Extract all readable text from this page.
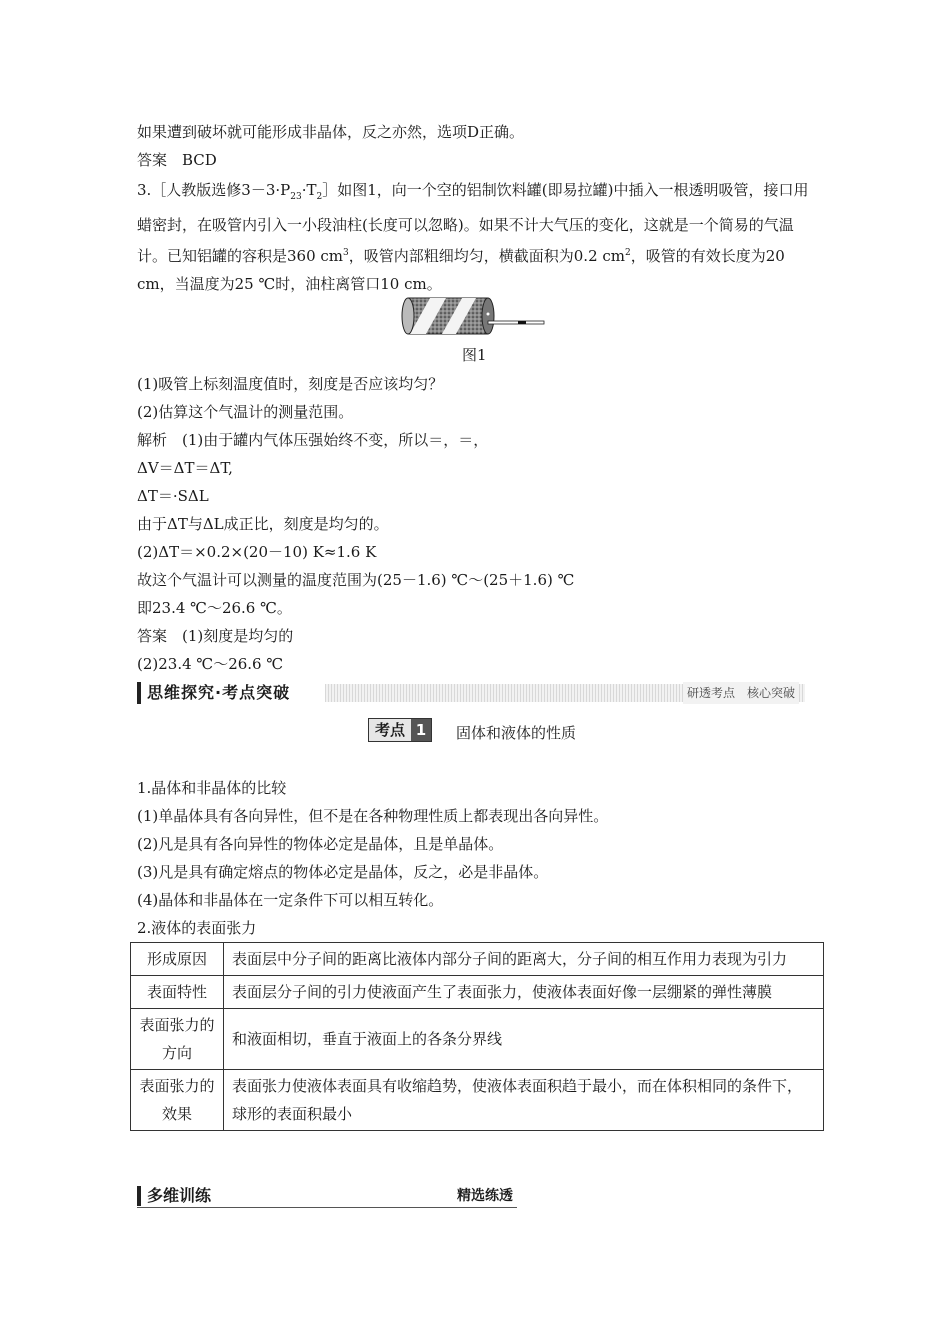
如果遭到破坏就可能形成非晶体，反之亦然，选项D正确。
答案　BCD
3.［人教版选修$3-3\cdot P_{23}\cdot T_2]$如图1，向一个空的铝制饮料罐(即易拉罐)中插入一根透明吸管，接口用蜡密封，在吸管内引入一小段油柱(长度可以忽略)。如果不计大气压的变化，这就是一个简易的气温计。已知铝罐的容积是360 $cm^3$，吸管内部粗细均匀，横截面积为0.2 $cm^2$，吸管的有效长度为20 cm，当温度为25 ℃时，油柱离管口10 cm。
图1
(1)吸管上标刻温度值时，刻度是否应该均匀？
(2)估算这个气温计的测量范围。
解析　(1)由于罐内气体压强始终不变，所以＝，＝，
ΔV＝ΔT＝ΔT,
ΔT＝·SΔL
由于ΔT与ΔL成正比，刻度是均匀的。
(2)ΔT＝×0.2×(20－10) K≈1.6 K
故这个气温计可以测量的温度范围为(25－1.6) ℃～(25＋1.6) ℃
即23.4 ℃～26.6 ℃。
答案　(1)刻度是均匀的
(2)23.4 ℃～26.6 ℃
思维探究·考点突破	研透考点　核心突破
考点 1	固体和液体的性质
1.晶体和非晶体的比较
(1)单晶体具有各向异性，但不是在各种物理性质上都表现出各向异性。
(2)凡是具有各向异性的物体必定是晶体，且是单晶体。
(3)凡是具有确定熔点的物体必定是晶体，反之，必是非晶体。
(4)晶体和非晶体在一定条件下可以相互转化。
2.液体的表面张力
形成原因	表面层中分子间的距离比液体内部分子间的距离大，分子间的相互作用力表现为引力
表面特性	表面层分子间的引力使液面产生了表面张力，使液体表面好像一层绷紧的弹性薄膜
表面张力的方向	和液面相切，垂直于液面上的各条分界线
表面张力的效果	表面张力使液体表面具有收缩趋势，使液体表面积趋于最小，而在体积相同的条件下，球形的表面积最小
多维训练	精选练透
